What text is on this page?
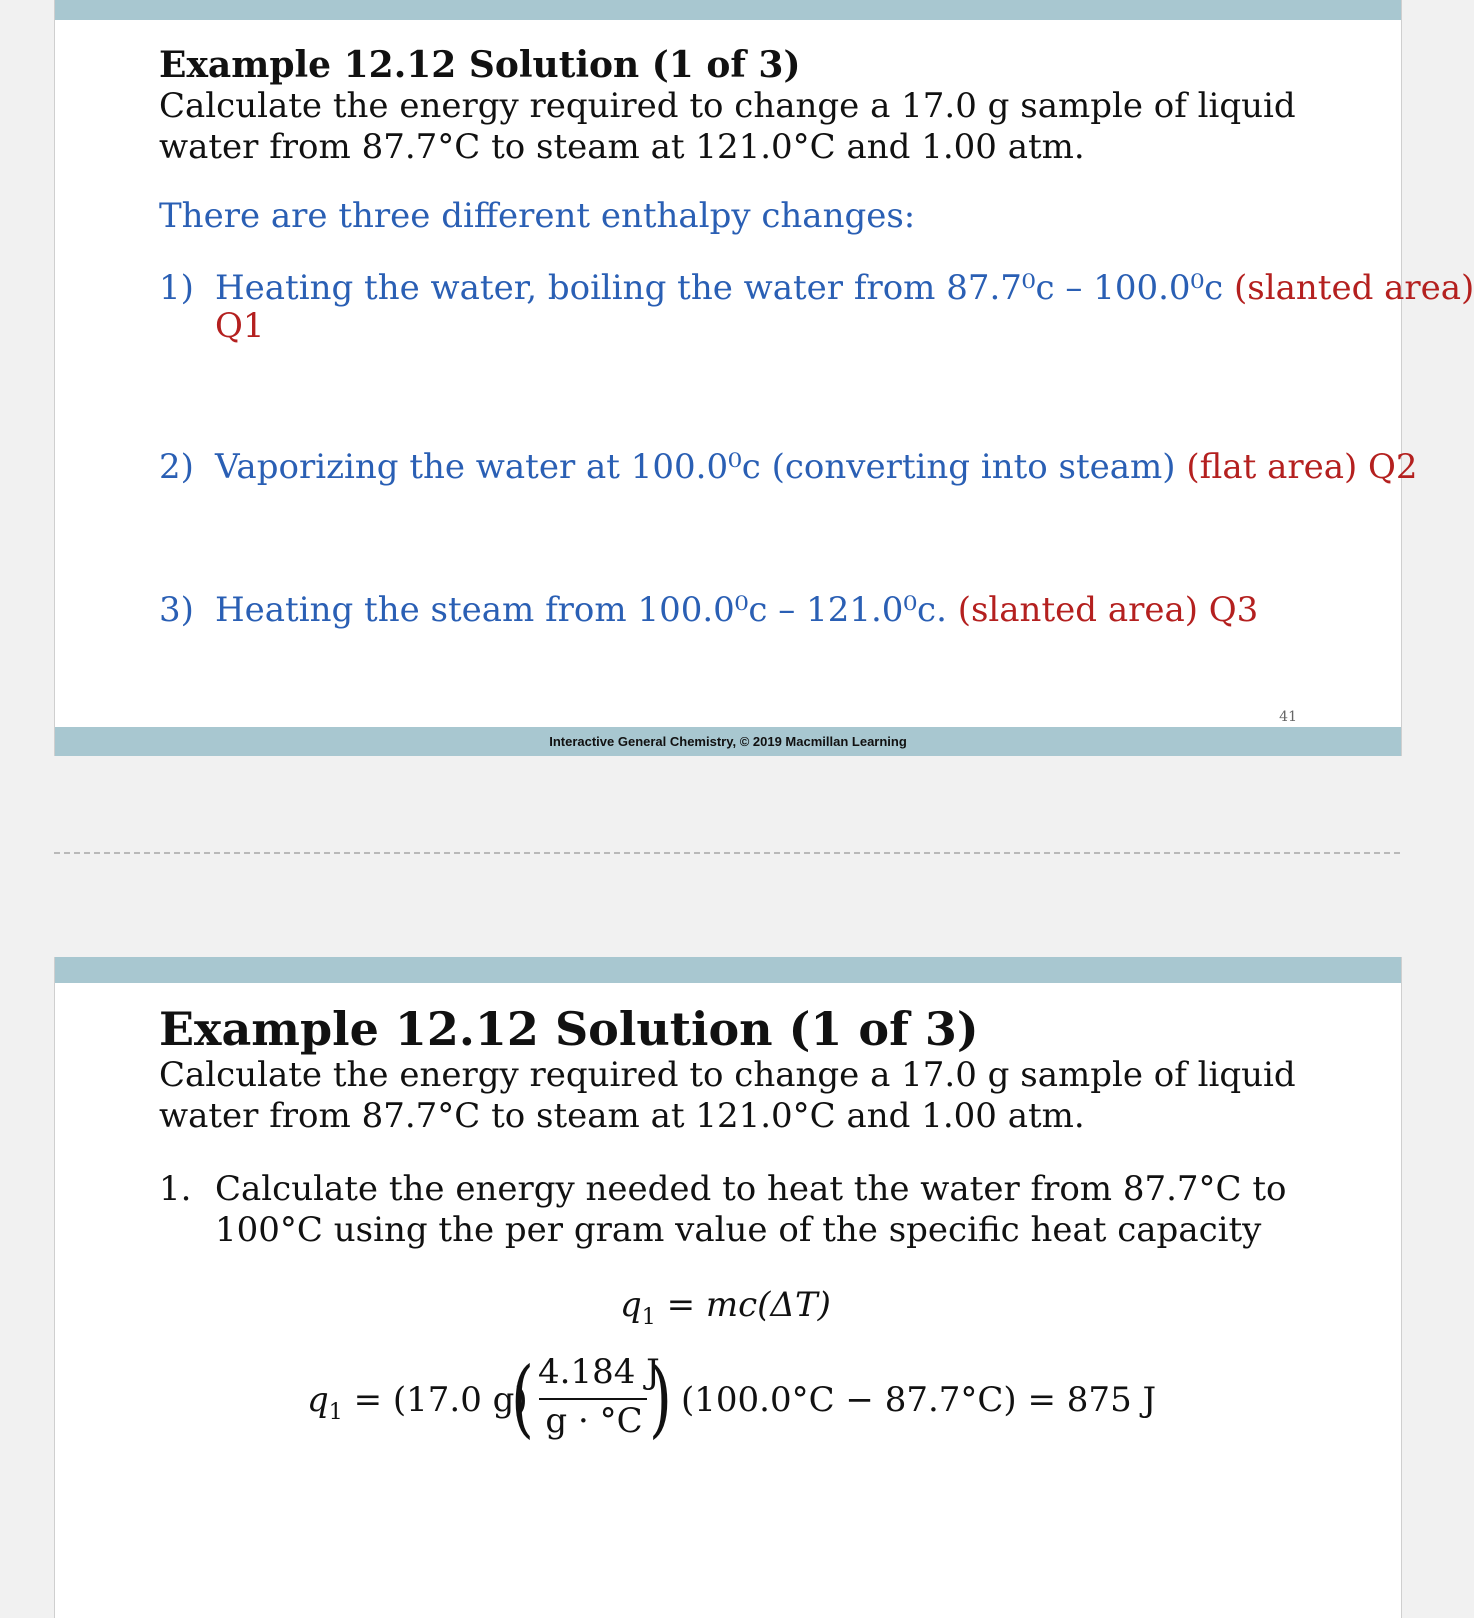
Example 12.12 Solution (1 of 3)
Calculate the energy required to change a 17.0 g sample of liquid
water from 87.7°C to steam at 121.0°C and 1.00 atm.
There are three different enthalpy changes:
1) Heating the water, boiling the water from 87.7⁰c – 100.0⁰c (slanted area)
Q1
2) Vaporizing the water at 100.0⁰c (converting into steam) (flat area) Q2
3) Heating the steam from 100.0⁰c – 121.0⁰c. (slanted area) Q3
41
Interactive General Chemistry, © 2019 Macmillan Learning
Example 12.12 Solution (1 of 3)
Calculate the energy required to change a 17.0 g sample of liquid
water from 87.7°C to steam at 121.0°C and 1.00 atm.
1. Calculate the energy needed to heat the water from 87.7°C to
100°C using the per gram value of the specific heat capacity
$q_1 = mc(\Delta T)$
$q_1 = (17.0$ g)
( 4.184 J
g · °C ) (100.0°C − 87.7°C) = 875 J
